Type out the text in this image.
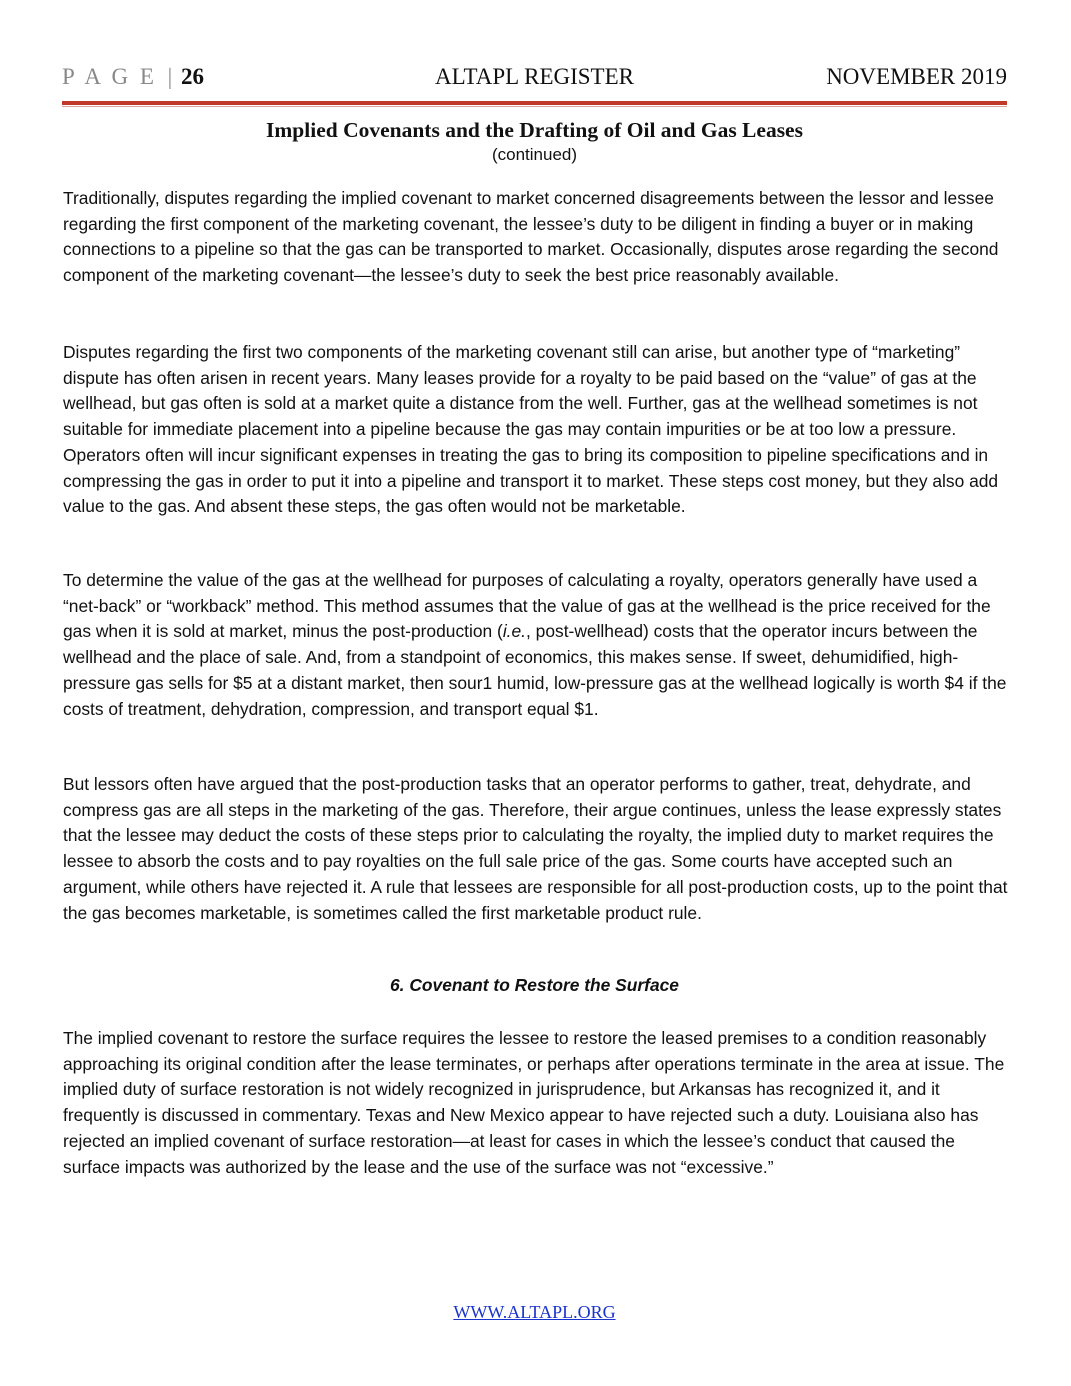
P A G E | 26	ALTAPL REGISTER	NOVEMBER 2019
Implied Covenants and the Drafting of Oil and Gas Leases
(continued)

Traditionally, disputes regarding the implied covenant to market concerned disagreements between the lessor and lessee regarding the first component of the marketing covenant, the lessee’s duty to be diligent in finding a buyer or in making connections to a pipeline so that the gas can be transported to market. Occasionally, disputes arose regarding the second component of the marketing covenant—the lessee’s duty to seek the best price reasonably available.

Disputes regarding the first two components of the marketing covenant still can arise, but another type of “marketing” dispute has often arisen in recent years. Many leases provide for a royalty to be paid based on the “value” of gas at the wellhead, but gas often is sold at a market quite a distance from the well. Further, gas at the wellhead sometimes is not suitable for immediate placement into a pipeline because the gas may contain impurities or be at too low a pressure. Operators often will incur significant expenses in treating the gas to bring its composition to pipeline specifications and in compressing the gas in order to put it into a pipeline and transport it to market. These steps cost money, but they also add value to the gas. And absent these steps, the gas often would not be marketable.

To determine the value of the gas at the wellhead for purposes of calculating a royalty, operators generally have used a “net-back” or “workback” method. This method assumes that the value of gas at the wellhead is the price received for the gas when it is sold at market, minus the post-production (i.e., post-wellhead) costs that the operator incurs between the wellhead and the place of sale. And, from a standpoint of economics, this makes sense. If sweet, dehumidified, high-pressure gas sells for $5 at a distant market, then sour1 humid, low-pressure gas at the wellhead logically is worth $4 if the costs of treatment, dehydration, compression, and transport equal $1.

But lessors often have argued that the post-production tasks that an operator performs to gather, treat, dehydrate, and compress gas are all steps in the marketing of the gas. Therefore, their argue continues, unless the lease expressly states that the lessee may deduct the costs of these steps prior to calculating the royalty, the implied duty to market requires the lessee to absorb the costs and to pay royalties on the full sale price of the gas. Some courts have accepted such an argument, while others have rejected it. A rule that lessees are responsible for all post-production costs, up to the point that the gas becomes marketable, is sometimes called the first marketable product rule.

6. Covenant to Restore the Surface

The implied covenant to restore the surface requires the lessee to restore the leased premises to a condition reasonably approaching its original condition after the lease terminates, or perhaps after operations terminate in the area at issue. The implied duty of surface restoration is not widely recognized in jurisprudence, but Arkansas has recognized it, and it frequently is discussed in commentary. Texas and New Mexico appear to have rejected such a duty. Louisiana also has rejected an implied covenant of surface restoration—at least for cases in which the lessee’s conduct that caused the surface impacts was authorized by the lease and the use of the surface was not “excessive.”

WWW.ALTAPL.ORG
